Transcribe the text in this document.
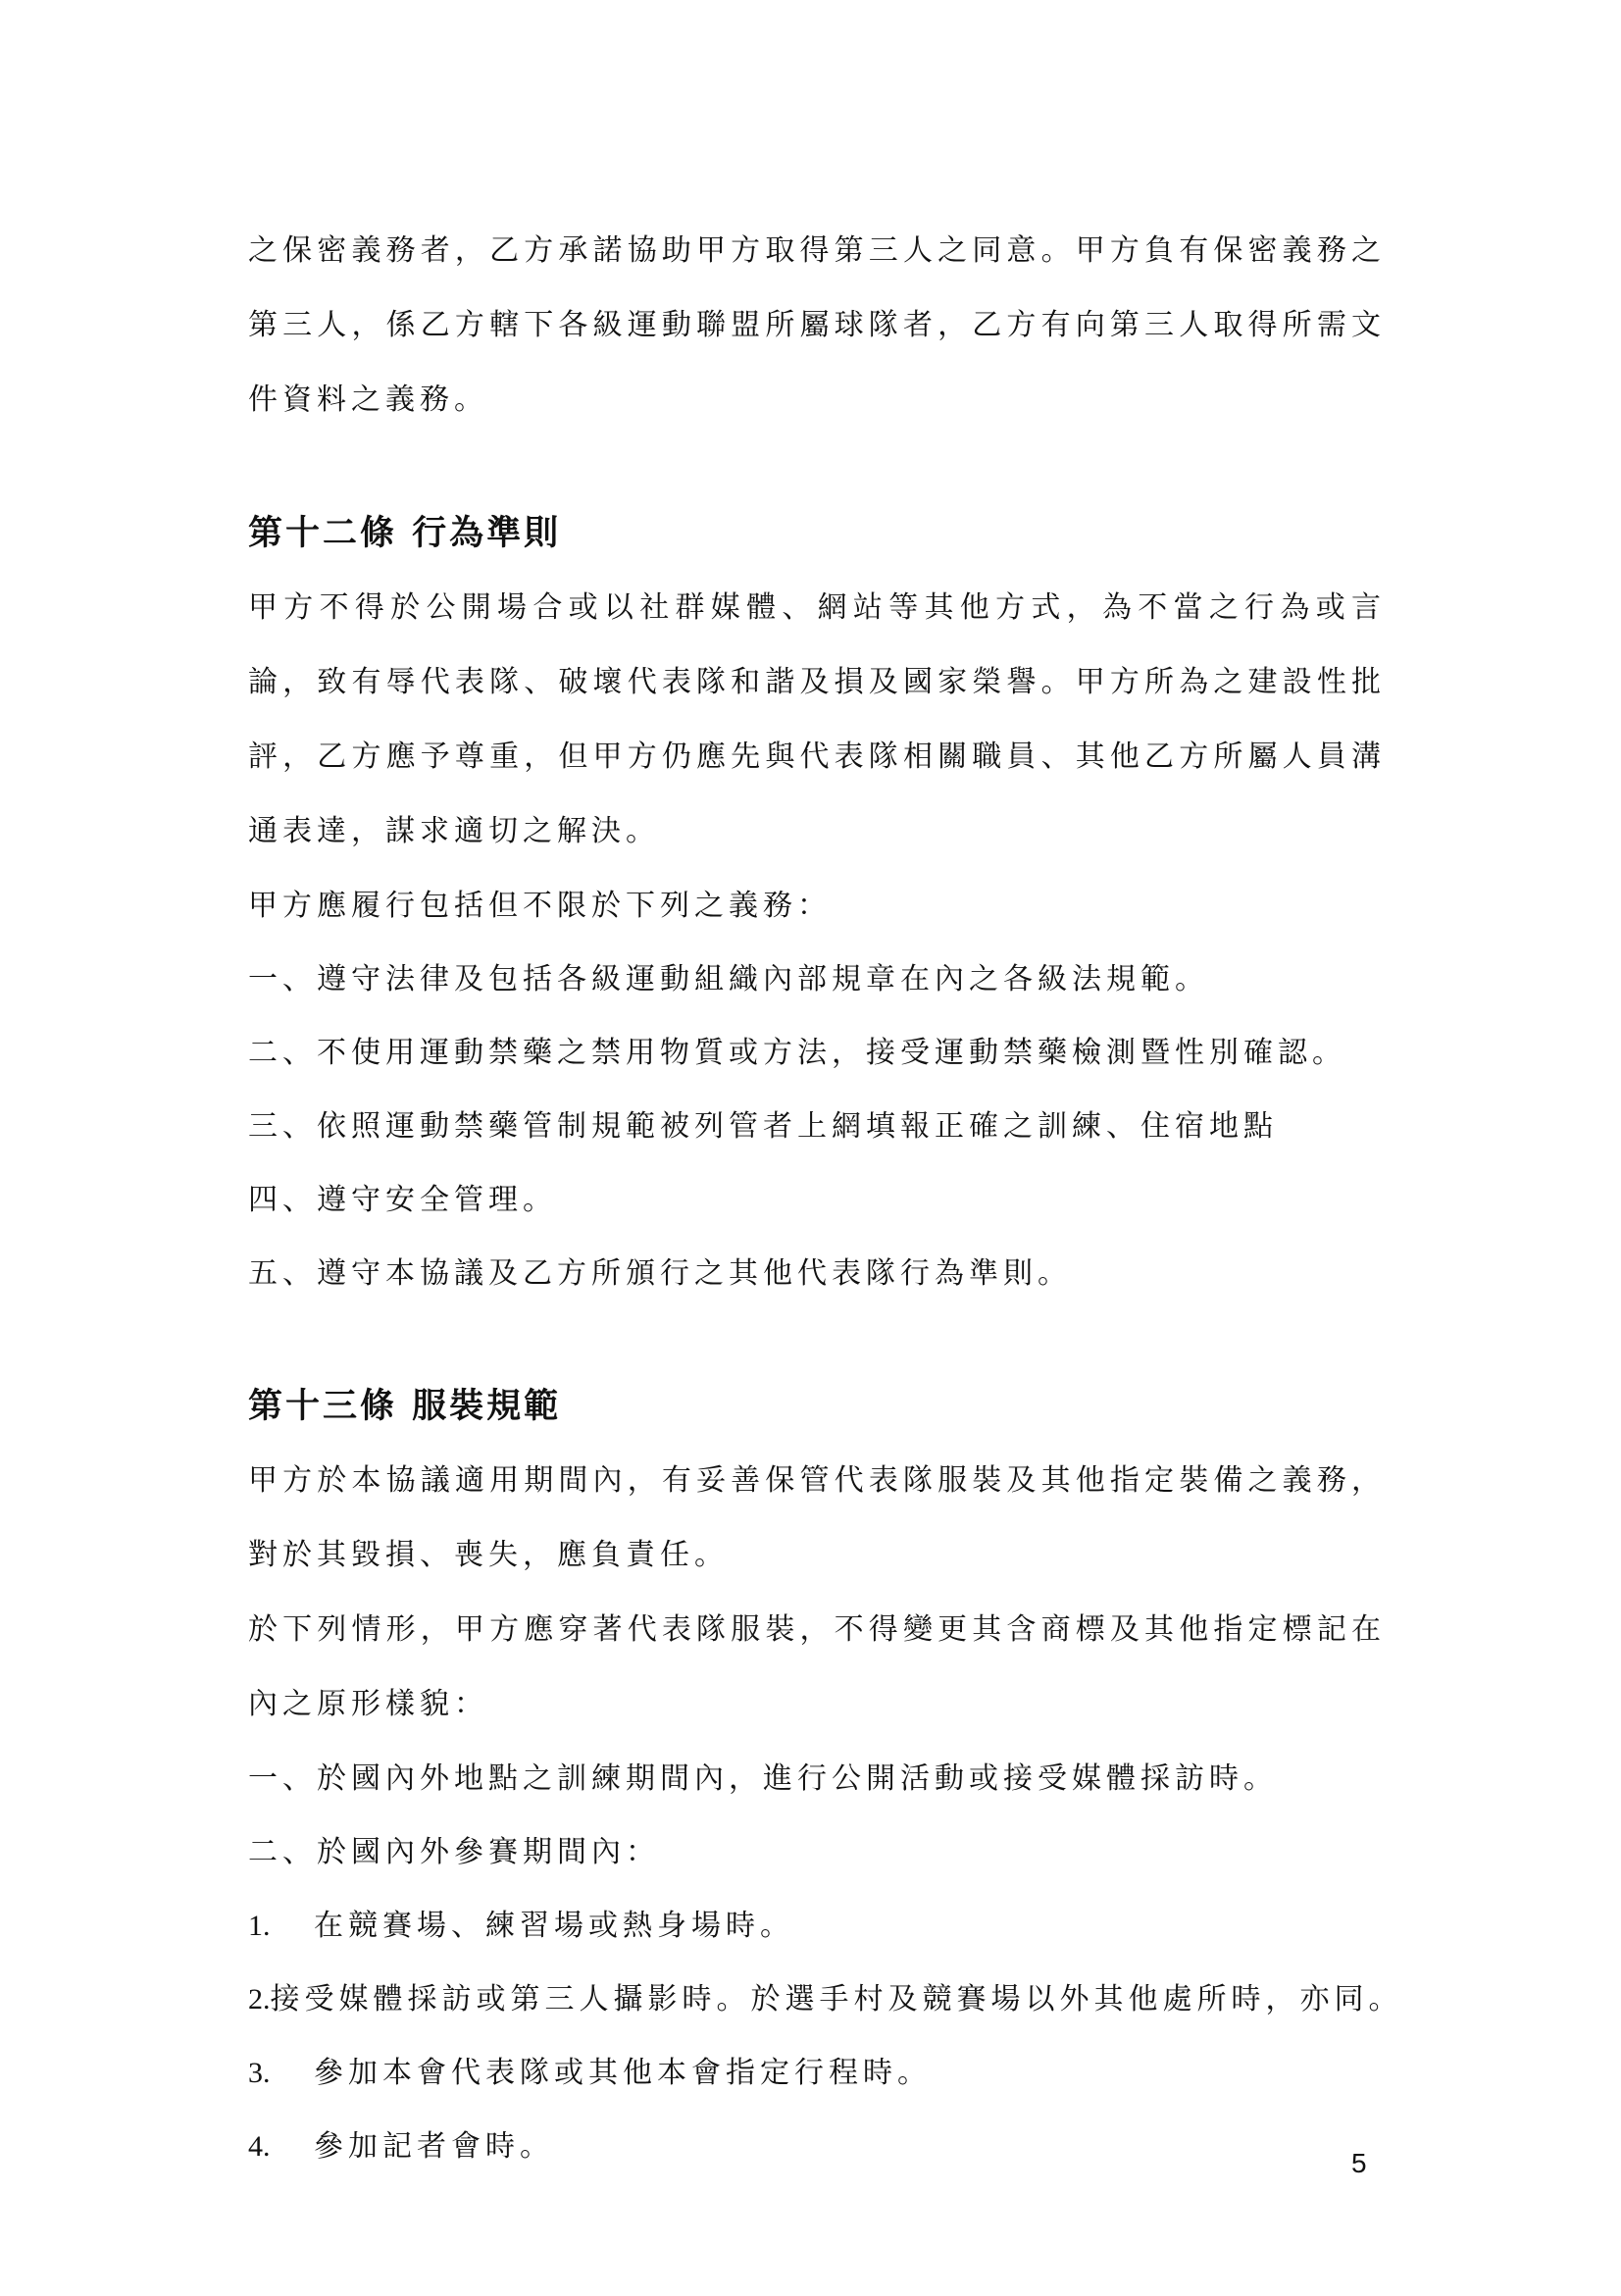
之保密義務者，乙方承諾協助甲方取得第三人之同意。甲方負有保密義務之第三人，係乙方轄下各級運動聯盟所屬球隊者，乙方有向第三人取得所需文件資料之義務。

第十二條 行為準則

甲方不得於公開場合或以社群媒體、網站等其他方式，為不當之行為或言論，致有辱代表隊、破壞代表隊和諧及損及國家榮譽。甲方所為之建設性批評，乙方應予尊重，但甲方仍應先與代表隊相關職員、其他乙方所屬人員溝通表達，謀求適切之解決。

甲方應履行包括但不限於下列之義務：

一、遵守法律及包括各級運動組織內部規章在內之各級法規範。

二、不使用運動禁藥之禁用物質或方法，接受運動禁藥檢測暨性別確認。

三、依照運動禁藥管制規範被列管者上網填報正確之訓練、住宿地點

四、遵守安全管理。

五、遵守本協議及乙方所頒行之其他代表隊行為準則。

第十三條 服裝規範

甲方於本協議適用期間內，有妥善保管代表隊服裝及其他指定裝備之義務，對於其毀損、喪失，應負責任。

於下列情形，甲方應穿著代表隊服裝，不得變更其含商標及其他指定標記在內之原形樣貌：

一、於國內外地點之訓練期間內，進行公開活動或接受媒體採訪時。

二、於國內外參賽期間內：

1.	在競賽場、練習場或熱身場時。
2. 接受媒體採訪或第三人攝影時。於選手村及競賽場以外其他處所時，亦同。
3.	參加本會代表隊或其他本會指定行程時。
4.	參加記者會時。	5
